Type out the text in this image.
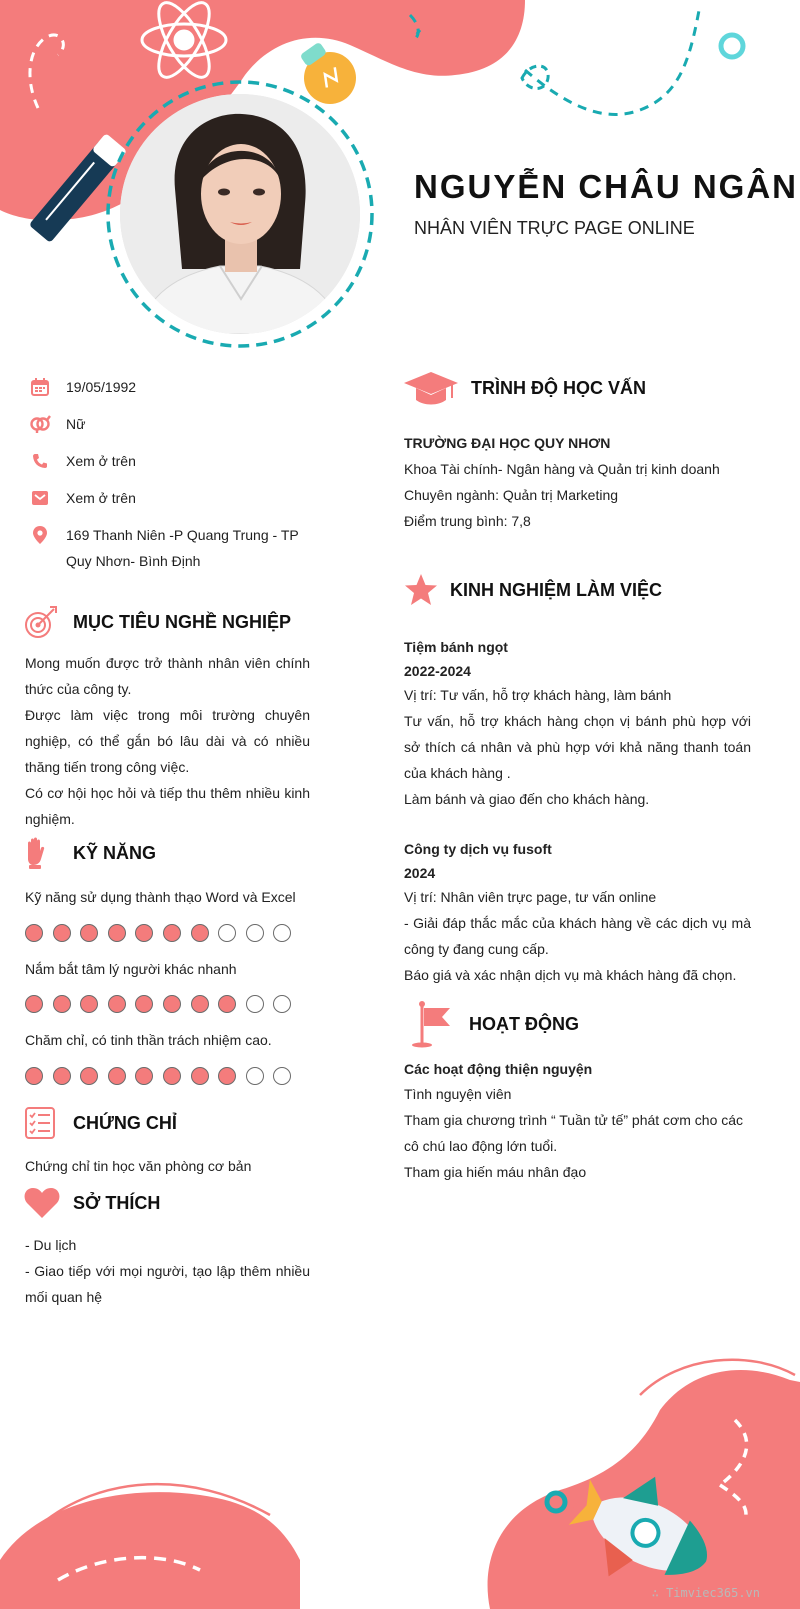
NGUYỄN CHÂU NGÂN
NHÂN VIÊN TRỰC PAGE ONLINE
19/05/1992
Nữ
Xem ở trên
Xem ở trên
169 Thanh Niên -P Quang Trung - TP Quy Nhơn- Bình Định
MỤC TIÊU NGHỀ NGHIỆP

Mong muốn được trở thành nhân viên chính thức của công ty.

Được làm việc trong môi trường chuyên nghiệp, có thể gắn bó lâu dài và có nhiều thăng tiến trong công việc.

Có cơ hội học hỏi và tiếp thu thêm nhiều kinh nghiệm.

KỸ NĂNG
Kỹ năng sử dụng thành thạo Word và Excel
Nắm bắt tâm lý người khác nhanh
Chăm chỉ, có tinh thần trách nhiệm cao.
CHỨNG CHỈ
Chứng chỉ tin học văn phòng cơ bản
SỞ THÍCH

- Du lịch

- Giao tiếp với mọi người, tạo lập thêm nhiều mối quan hệ

TRÌNH ĐỘ HỌC VẤN

TRƯỜNG ĐẠI HỌC QUY NHƠN

Khoa Tài chính- Ngân hàng và Quản trị kinh doanh

Chuyên ngành: Quản trị Marketing

Điểm trung bình: 7,8

KINH NGHIỆM LÀM VIỆC

Tiệm bánh ngọt

2022-2024

Vị trí: Tư vấn, hỗ trợ khách hàng, làm bánh

Tư vấn, hỗ trợ khách hàng chọn vị bánh phù hợp với sở thích cá nhân và phù hợp với khả năng thanh toán của khách hàng .

Làm bánh và giao đến cho khách hàng.

Công ty dịch vụ fusoft

2024

Vị trí: Nhân viên trực page, tư vấn online

- Giải đáp thắc mắc của khách hàng về các dịch vụ mà công ty đang cung cấp.

Báo giá và xác nhận dịch vụ mà khách hàng đã chọn.

HOẠT ĐỘNG

Các hoạt động thiện nguyện

Tình nguyện viên

Tham gia chương trình “ Tuần tử tế” phát cơm cho các cô chú lao động lớn tuổi.

Tham gia hiến máu nhân đạo

∴ Timviec365.vn
